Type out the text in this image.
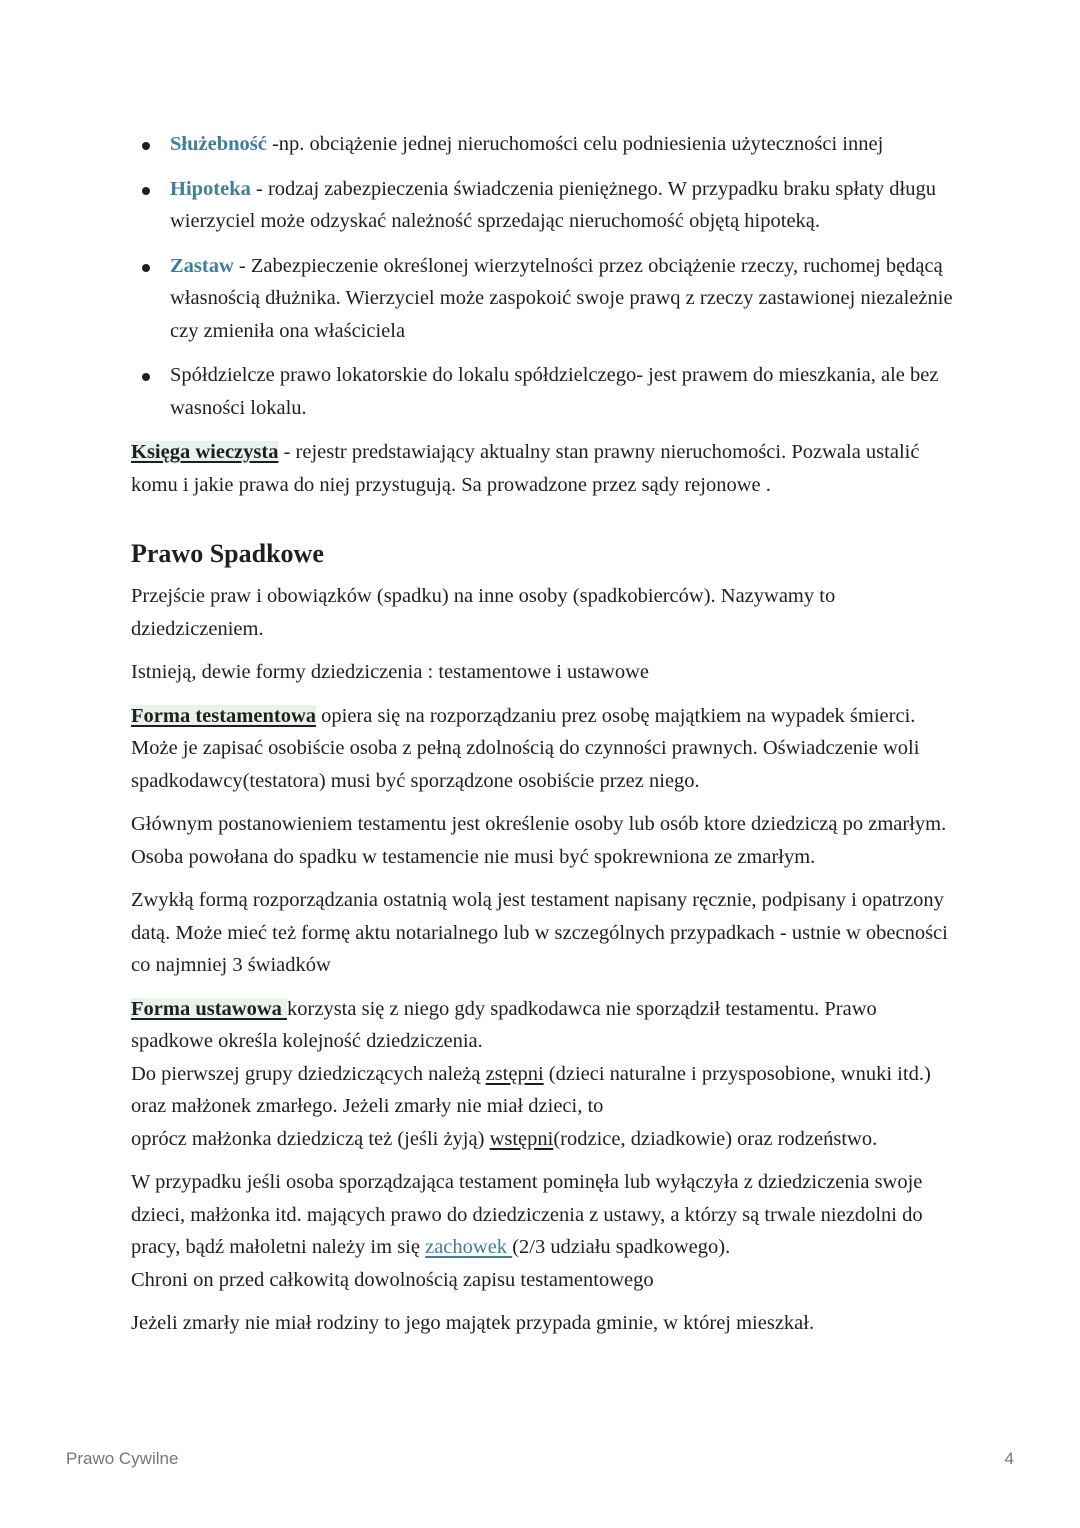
Służebność -np. obciążenie jednej nieruchomości celu podniesienia użyteczności innej
Hipoteka - rodzaj zabezpieczenia świadczenia pieniężnego. W przypadku braku spłaty długu wierzyciel może odzyskać należność sprzedając nieruchomość objętą hipoteką.
Zastaw - Zabezpieczenie określonej wierzytelności przez obciążenie rzeczy, ruchomej będącą własnością dłużnika. Wierzyciel może zaspokoić swoje prawq z rzeczy zastawionej niezależnie czy zmieniła ona właściciela
Spółdzielcze prawo lokatorskie do lokalu spółdzielczego- jest prawem do mieszkania, ale bez wasności lokalu.

Księga wieczysta - rejestr predstawiający aktualny stan prawny nieruchomości. Pozwala ustalić komu i jakie prawa do niej przystugują. Sa prowadzone przez sądy rejonowe .

Prawo Spadkowe

Przejście praw i obowiązków (spadku) na inne osoby (spadkobierców). Nazywamy to dziedziczeniem.

Istnieją, dewie formy dziedziczenia : testamentowe i ustawowe

Forma testamentowa opiera się na rozporządzaniu prez osobę majątkiem na wypadek śmierci. Może je zapisać osobiście osoba z pełną zdolnością do czynności prawnych. Oświadczenie woli spadkodawcy(testatora) musi być sporządzone osobiście przez niego.

Głównym postanowieniem testamentu jest określenie osoby lub osób ktore dziedziczą po zmarłym. Osoba powołana do spadku w testamencie nie musi być spokrewniona ze zmarłym.

Zwykłą formą rozporządzania ostatnią wolą jest testament napisany ręcznie, podpisany i opatrzony datą. Może mieć też formę aktu notarialnego lub w szczególnych przypadkach - ustnie w obecności co najmniej 3 świadków

Forma ustawowa korzysta się z niego gdy spadkodawca nie sporządził testamentu. Prawo spadkowe określa kolejność dziedziczenia.
Do pierwszej grupy dziedziczących należą zstępni (dzieci naturalne i przysposobione, wnuki itd.) oraz małżonek zmarłego. Jeżeli zmarły nie miał dzieci, to
oprócz małżonka dziedziczą też (jeśli żyją) wstępni(rodzice, dziadkowie) oraz rodzeństwo.

W przypadku jeśli osoba sporządzająca testament pominęła lub wyłączyła z dziedziczenia swoje dzieci, małżonka itd. mających prawo do dziedziczenia z ustawy, a którzy są trwale niezdolni do pracy, bądź małoletni należy im się zachowek (2/3 udziału spadkowego).
Chroni on przed całkowitą dowolnością zapisu testamentowego

Jeżeli zmarły nie miał rodziny to jego majątek przypada gminie, w której mieszkał.

Prawo Cywilne	4
